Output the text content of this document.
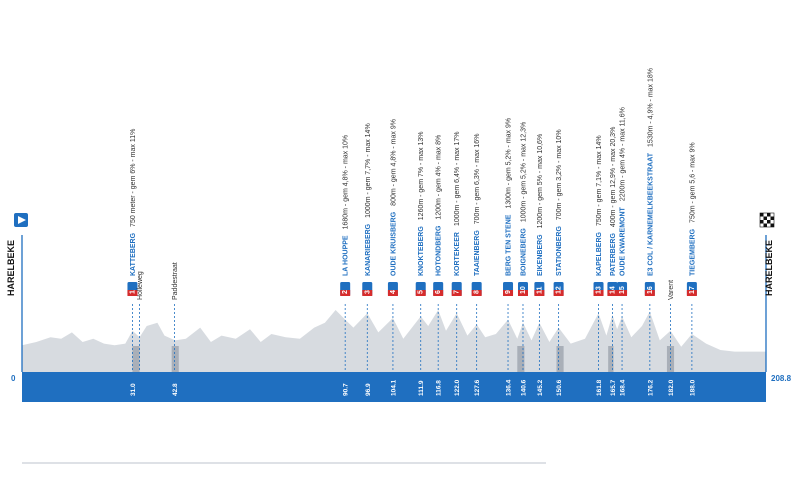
HARELBEKE	HARELBEKE
0	208.8
31.0
1
KATTEBERG750 meter - gem 6% - max 11%
90.7
2
LA HOUPPE1680m - gem 4,8% - max 10%
96.9
3
KANARIEBERG1000m - gem 7,7% - max 14%
104.1
4
OUDE KRUISBERG800m - gem 4,8% - max 9%
111.9
5
KNOKTEBERG1260m - gem 7% - max 13%
116.8
6
HOTONDBERG1200m - gem 4% - max 8%
122.0
7
KORTEKEER1000m - gem 6,4% - max 17%
127.6
8
TAAIENBERG700m - gem 6,3% - max 16%
136.4
9
BERG TEN STENE1300m - gem 5,2% - max 9%
140.6
10
BOIGNEBERG1000m - gem 5,2% - max 12,3%
145.2
11
EIKENBERG1200m - gem 5% - max 10,6%
150.6
12
STATIONBERG700m - gem 3,2% - max 10%
161.8
13
KAPELBERG750m - gem 7,1% - max 14%
165.7
14
PATERBERG400m - gem 12,9% - max 20,3%
168.4
15
OUDE KWAREMONT2200m - gem 4% - max 11,6%
176.2
16
E3 COL / KARNEMELKBEEKSTRAAT1530m - 4,9% - max 18%
188.0
17
TIEGEMBERG750m - gem 5,6 - max 9%
Holleweg	Paddestraat
42.8
Varent
182.0
